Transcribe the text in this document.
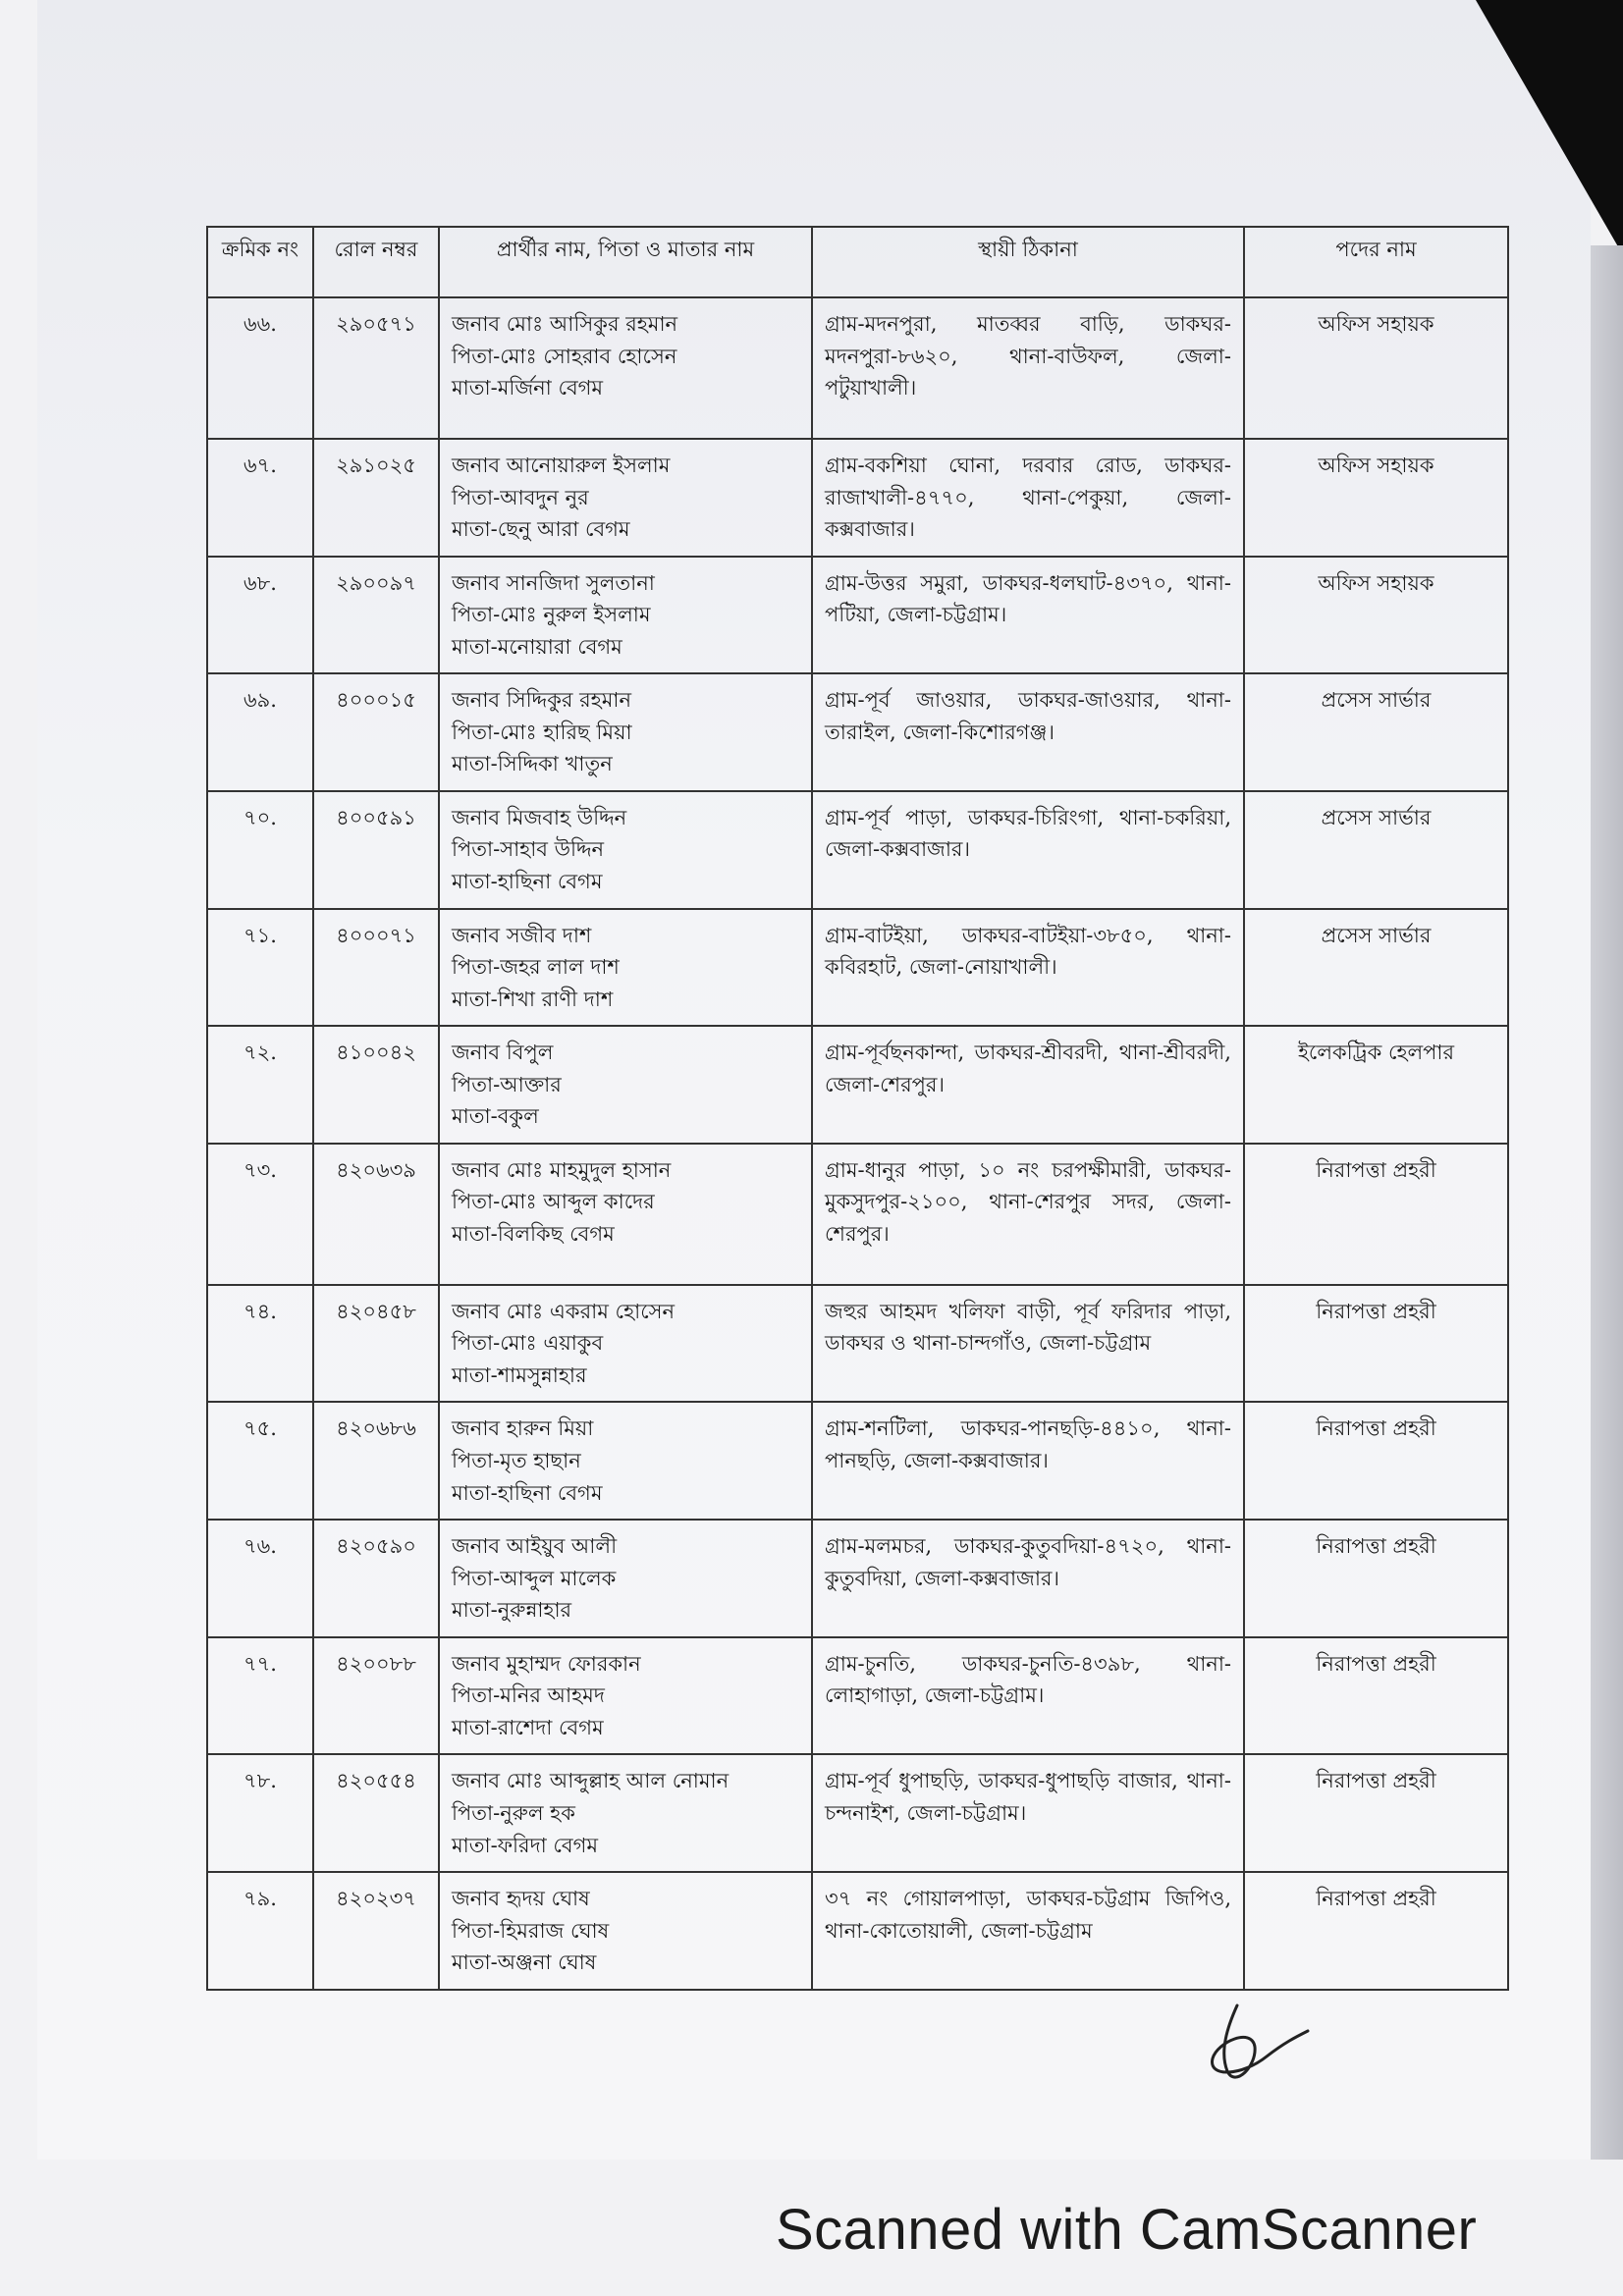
ক্রমিক নং	রোল নম্বর	প্রার্থীর নাম, পিতা ও মাতার নাম	স্থায়ী ঠিকানা	পদের নাম
৬৬.	২৯০৫৭১	জনাব মোঃ আসিকুর রহমান
পিতা-মোঃ সোহরাব হোসেন
মাতা-মর্জিনা বেগম	গ্রাম-মদনপুরা, মাতব্বর বাড়ি, ডাকঘর-মদনপুরা-৮৬২০, থানা-বাউফল, জেলা-পটুয়াখালী।	অফিস সহায়ক
৬৭.	২৯১০২৫	জনাব আনোয়ারুল ইসলাম
পিতা-আবদুন নুর
মাতা-ছেনু আরা বেগম	গ্রাম-বকশিয়া ঘোনা, দরবার রোড, ডাকঘর-রাজাখালী-৪৭৭০, থানা-পেকুয়া, জেলা-কক্সবাজার।	অফিস সহায়ক
৬৮.	২৯০০৯৭	জনাব সানজিদা সুলতানা
পিতা-মোঃ নুরুল ইসলাম
মাতা-মনোয়ারা বেগম	গ্রাম-উত্তর সমুরা, ডাকঘর-ধলঘাট-৪৩৭০, থানা-পটিয়া, জেলা-চট্টগ্রাম।	অফিস সহায়ক
৬৯.	৪০০০১৫	জনাব সিদ্দিকুর রহমান
পিতা-মোঃ হারিছ মিয়া
মাতা-সিদ্দিকা খাতুন	গ্রাম-পূর্ব জাওয়ার, ডাকঘর-জাওয়ার, থানা-তারাইল, জেলা-কিশোরগঞ্জ।	প্রসেস সার্ভার
৭০.	৪০০৫৯১	জনাব মিজবাহ উদ্দিন
পিতা-সাহাব উদ্দিন
মাতা-হাছিনা বেগম	গ্রাম-পূর্ব পাড়া, ডাকঘর-চিরিংগা, থানা-চকরিয়া, জেলা-কক্সবাজার।	প্রসেস সার্ভার
৭১.	৪০০০৭১	জনাব সজীব দাশ
পিতা-জহর লাল দাশ
মাতা-শিখা রাণী দাশ	গ্রাম-বাটইয়া, ডাকঘর-বাটইয়া-৩৮৫০, থানা-কবিরহাট, জেলা-নোয়াখালী।	প্রসেস সার্ভার
৭২.	৪১০০৪২	জনাব বিপুল
পিতা-আক্তার
মাতা-বকুল	গ্রাম-পূর্বছনকান্দা, ডাকঘর-শ্রীবরদী, থানা-শ্রীবরদী, জেলা-শেরপুর।	ইলেকট্রিক হেলপার
৭৩.	৪২০৬৩৯	জনাব মোঃ মাহমুদুল হাসান
পিতা-মোঃ আব্দুল কাদের
মাতা-বিলকিছ বেগম	গ্রাম-ধানুর পাড়া, ১০ নং চরপক্ষীমারী, ডাকঘর-মুকসুদপুর-২১০০, থানা-শেরপুর সদর, জেলা-শেরপুর।	নিরাপত্তা প্রহরী
৭৪.	৪২০৪৫৮	জনাব মোঃ একরাম হোসেন
পিতা-মোঃ এয়াকুব
মাতা-শামসুন্নাহার	জহুর আহমদ খলিফা বাড়ী, পূর্ব ফরিদার পাড়া, ডাকঘর ও থানা-চান্দগাঁও, জেলা-চট্টগ্রাম	নিরাপত্তা প্রহরী
৭৫.	৪২০৬৮৬	জনাব হারুন মিয়া
পিতা-মৃত হাছান
মাতা-হাছিনা বেগম	গ্রাম-শনটিলা, ডাকঘর-পানছড়ি-৪৪১০, থানা-পানছড়ি, জেলা-কক্সবাজার।	নিরাপত্তা প্রহরী
৭৬.	৪২০৫৯০	জনাব আইয়ুব আলী
পিতা-আব্দুল মালেক
মাতা-নুরুন্নাহার	গ্রাম-মলমচর, ডাকঘর-কুতুবদিয়া-৪৭২০, থানা-কুতুবদিয়া, জেলা-কক্সবাজার।	নিরাপত্তা প্রহরী
৭৭.	৪২০০৮৮	জনাব মুহাম্মদ ফোরকান
পিতা-মনির আহমদ
মাতা-রাশেদা বেগম	গ্রাম-চুনতি, ডাকঘর-চুনতি-৪৩৯৮, থানা-লোহাগাড়া, জেলা-চট্টগ্রাম।	নিরাপত্তা প্রহরী
৭৮.	৪২০৫৫৪	জনাব মোঃ আব্দুল্লাহ আল নোমান
পিতা-নুরুল হক
মাতা-ফরিদা বেগম	গ্রাম-পূর্ব ধুপাছড়ি, ডাকঘর-ধুপাছড়ি বাজার, থানা-চন্দনাইশ, জেলা-চট্টগ্রাম।	নিরাপত্তা প্রহরী
৭৯.	৪২০২৩৭	জনাব হৃদয় ঘোষ
পিতা-হিমরাজ ঘোষ
মাতা-অঞ্জনা ঘোষ	৩৭ নং গোয়ালপাড়া, ডাকঘর-চট্টগ্রাম জিপিও, থানা-কোতোয়ালী, জেলা-চট্টগ্রাম	নিরাপত্তা প্রহরী
Scanned with CamScanner
